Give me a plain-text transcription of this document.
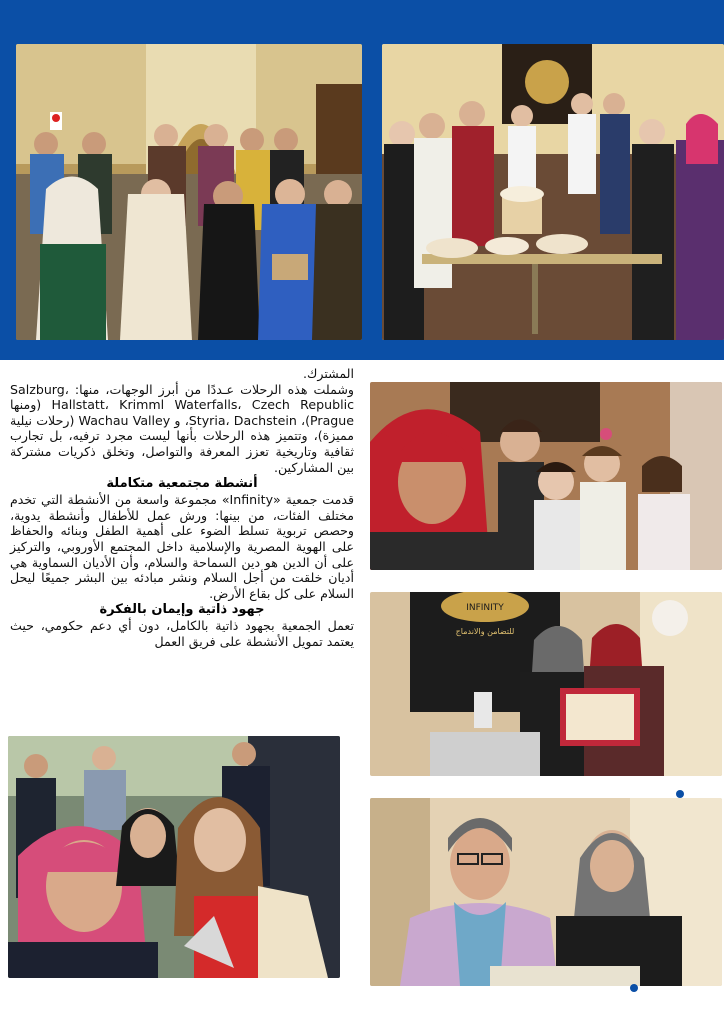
INFINITY
للتضامن والاندماج

المشترك.

وشملت هذه الرحلات عـددًا من أبرز الوجهات، منها: Salzburg، Hallstatt، Krimml Waterfalls، Czech Republic (ومنها Prague)، Styria، Dachstein، و Wachau Valley (رحلات نيلية مميزة)، وتتميز هذه الرحلات بأنها ليست مجرد ترفيه، بل تجارب ثقافية وتاريخية تعزز المعرفة والتواصل، وتخلق ذكريات مشتركة بين المشاركين.

أنشطة مجتمعية متكاملة

قدمت جمعية «Infinity» مجموعة واسعة من الأنشطة التي تخدم مختلف الفئات، من بينها: ورش عمل للأطفال وأنشطة يدوية، وحصص تربوية تسلط الضوء على أهمية الطفل وبنائه والحفاظ على الهوية المصرية والإسلامية داخل المجتمع الأوروبي، والتركيز على أن الدين هو دين السماحة والسلام، وأن الأديان السماوية هي أديان خلقت من أجل السلام ونشر مبادئه بين البشر جميعًا ليحل السلام على كل بقاع الأرض.

جهود ذاتية وإيمان بالفكرة

تعمل الجمعية بجهود ذاتية بالكامل، دون أي دعم حكومي، حيث يعتمد تمويل الأنشطة على فريق العمل
